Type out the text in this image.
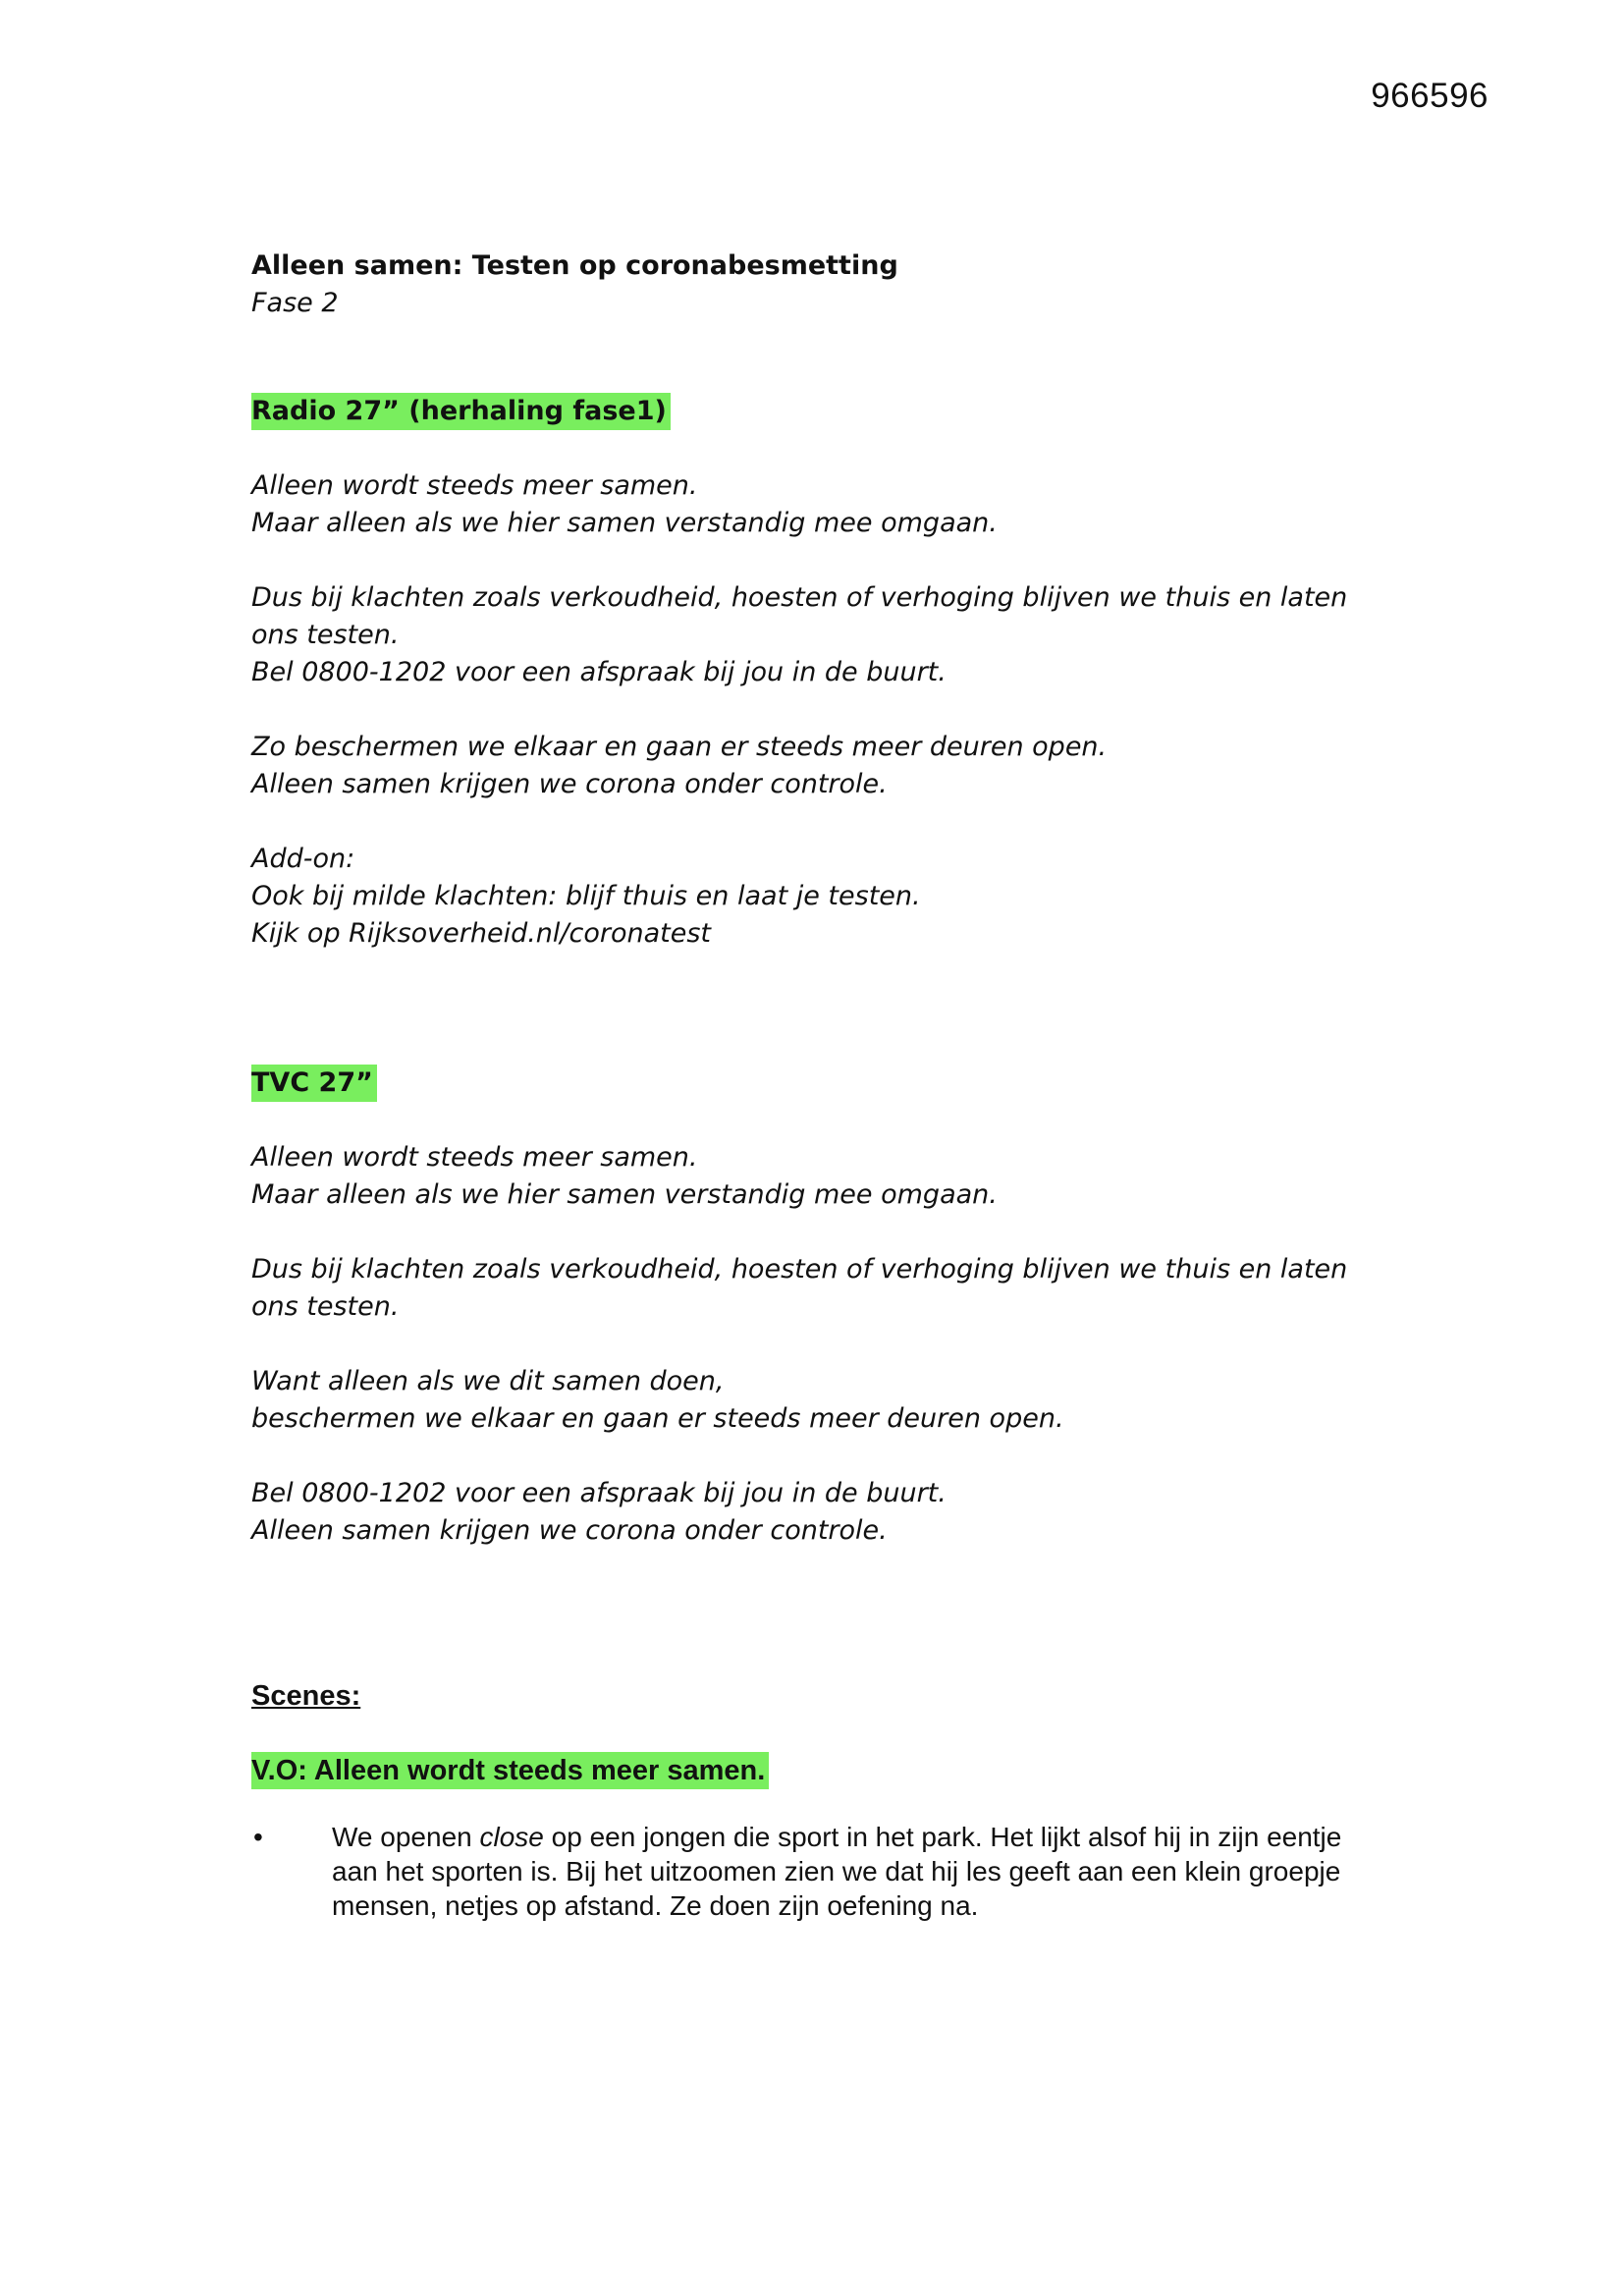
966596

Alleen samen: Testen op coronabesmetting

Fase 2

Radio 27” (herhaling fase1)

Alleen wordt steeds meer samen.
Maar alleen als we hier samen verstandig mee omgaan.
Dus bij klachten zoals verkoudheid, hoesten of verhoging blijven we thuis en laten ons testen.
Bel 0800-1202 voor een afspraak bij jou in de buurt.
Zo beschermen we elkaar en gaan er steeds meer deuren open.
Alleen samen krijgen we corona onder controle.
Add-on:
Ook bij milde klachten: blijf thuis en laat je testen.
Kijk op Rijksoverheid.nl/coronatest

TVC 27”

Alleen wordt steeds meer samen.
Maar alleen als we hier samen verstandig mee omgaan.
Dus bij klachten zoals verkoudheid, hoesten of verhoging blijven we thuis en laten ons testen.
Want alleen als we dit samen doen,
beschermen we elkaar en gaan er steeds meer deuren open.
Bel 0800-1202 voor een afspraak bij jou in de buurt.
Alleen samen krijgen we corona onder controle.

Scenes:

V.O: Alleen wordt steeds meer samen.

•	We openen close op een jongen die sport in het park. Het lijkt alsof hij in zijn eentje aan het sporten is. Bij het uitzoomen zien we dat hij les geeft aan een klein groepje mensen, netjes op afstand. Ze doen zijn oefening na.
